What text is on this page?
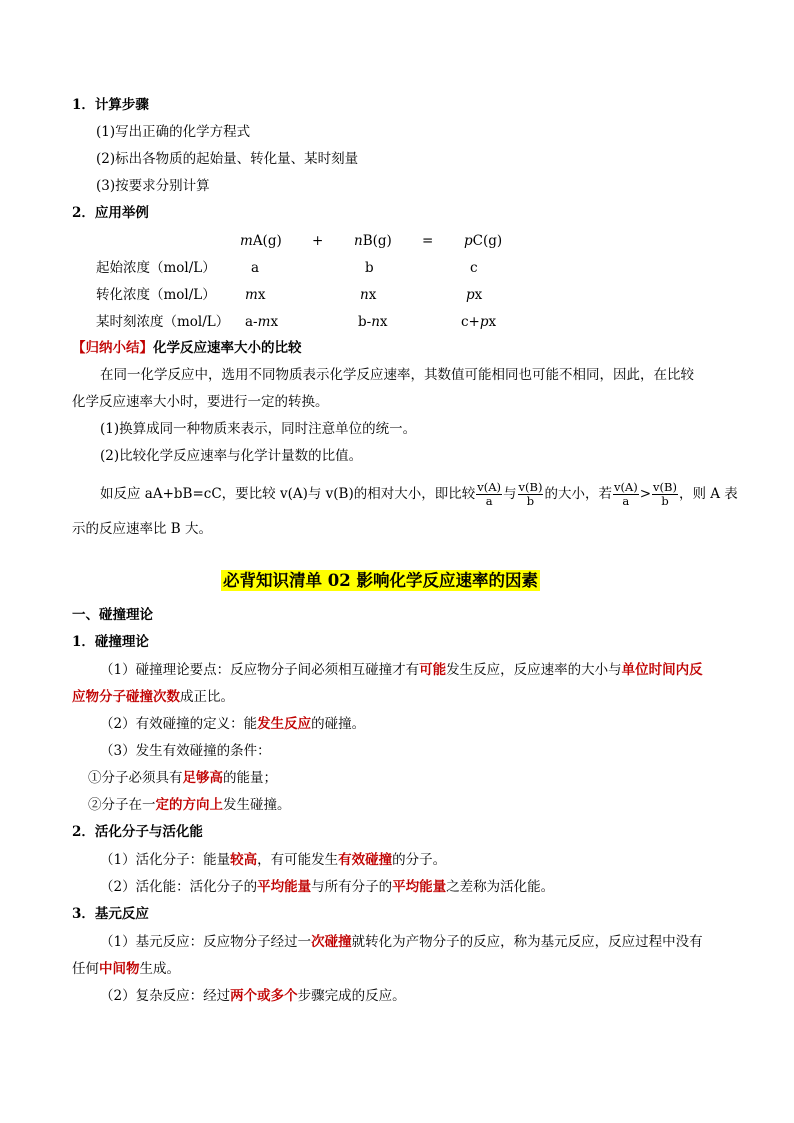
1．计算步骤
(1)写出正确的化学方程式
(2)标出各物质的起始量、转化量、某时刻量
(3)按要求分别计算
2．应用举例
mA(g) + nB(g) = pC(g)
起始浓度（mol/L）	a	b	c
转化浓度（mol/L） mx	nx	px
某时刻浓度（mol/L） a-mx	b-nx	c+px
【归纳小结】化学反应速率大小的比较
在同一化学反应中，选用不同物质表示化学反应速率，其数值可能相同也可能不相同，因此，在比较
化学反应速率大小时，要进行一定的转换。
(1)换算成同一种物质来表示，同时注意单位的统一。
(2)比较化学反应速率与化学计量数的比值。
如反应 aA+bB=cC，要比较 v(A)与 v(B)的相对大小，即比较 $\frac{v(A)}{a}$ 与 $\frac{v(B)}{b}$ 的大小，若 $\frac{v(A)}{a} > \frac{v(B)}{b}$ ，则 A 表
示的反应速率比 B 大。
必背知识清单 02 影响化学反应速率的因素
一、碰撞理论
1．碰撞理论
（1）碰撞理论要点：反应物分子间必须相互碰撞才有可能发生反应，反应速率的大小与单位时间内反
应物分子碰撞次数成正比。
（2）有效碰撞的定义：能发生反应的碰撞。
（3）发生有效碰撞的条件：
①分子必须具有足够高的能量；
②分子在一定的方向上发生碰撞。
2．活化分子与活化能
（1）活化分子：能量较高，有可能发生有效碰撞的分子。
（2）活化能：活化分子的平均能量与所有分子的平均能量之差称为活化能。
3．基元反应
（1）基元反应：反应物分子经过一次碰撞就转化为产物分子的反应，称为基元反应，反应过程中没有
任何中间物生成。
（2）复杂反应：经过两个或多个步骤完成的反应。
